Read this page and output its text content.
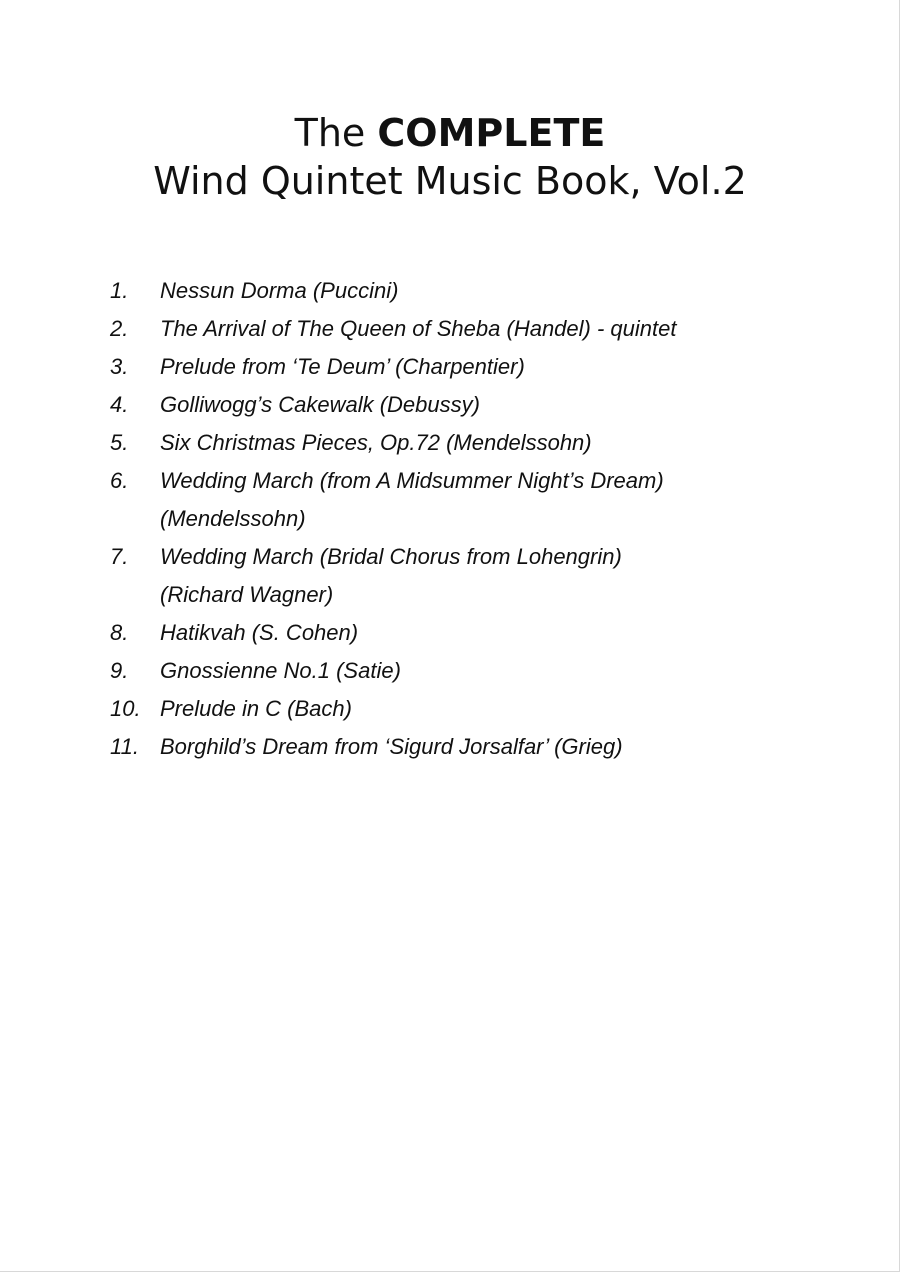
The COMPLETE
Wind Quintet Music Book, Vol.2
1.	Nessun Dorma (Puccini)
2.	The Arrival of The Queen of Sheba (Handel) - quintet
3.	Prelude from ‘Te Deum’ (Charpentier)
4.	Golliwogg’s Cakewalk (Debussy)
5.	Six Christmas Pieces, Op.72 (Mendelssohn)
6.	Wedding March (from A Midsummer Night’s Dream)
(Mendelssohn)
7.	Wedding March (Bridal Chorus from Lohengrin)
(Richard Wagner)
8.	Hatikvah (S. Cohen)
9.	Gnossienne No.1 (Satie)
10. Prelude in C (Bach)
11. Borghild’s Dream from ‘Sigurd Jorsalfar’ (Grieg)
